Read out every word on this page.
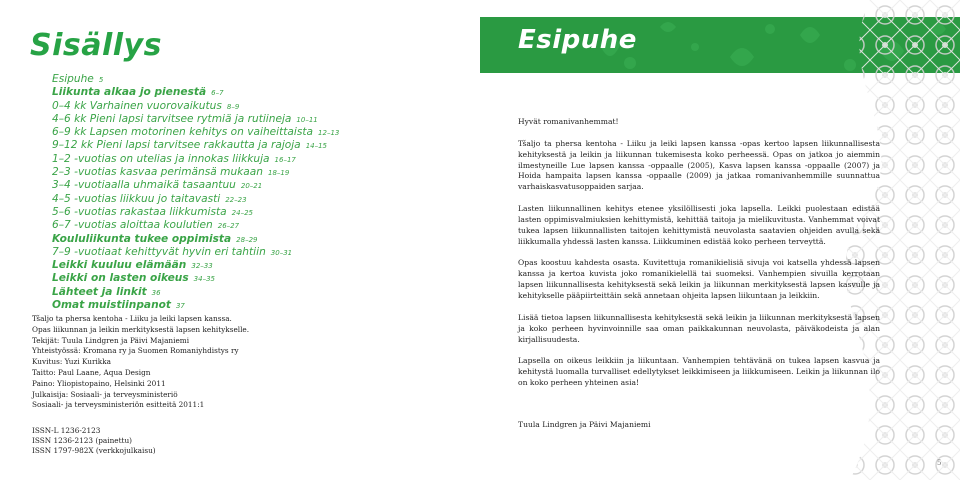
Sisällys
Esipuhe 5
Liikunta alkaa jo pienestä 6–7
0–4 kk Varhainen vuorovaikutus 8–9
4–6 kk Pieni lapsi tarvitsee rytmiä ja rutiineja 10–11
6–9 kk Lapsen motorinen kehitys on vaiheittaista 12–13
9–12 kk Pieni lapsi tarvitsee rakkautta ja rajoja 14–15
1–2 -vuotias on utelias ja innokas liikkuja 16–17
2–3 -vuotias kasvaa perimänsä mukaan 18–19
3–4 -vuotiaalla uhmaikä tasaantuu 20–21
4–5 -vuotias liikkuu jo taitavasti 22–23
5–6 -vuotias rakastaa liikkumista 24–25
6–7 -vuotias aloittaa koulutien 26–27
Koululiikunta tukee oppimista 28–29
7–9 -vuotiaat kehittyvät hyvin eri tahtiin 30–31
Leikki kuuluu elämään 32–33
Leikki on lasten oikeus 34–35
Lähteet ja linkit 36
Omat muistiinpanot 37

Tšaljo ta phersa kentoha - Liiku ja leiki lapsen kanssa.

Opas liikunnan ja leikin merkityksestä lapsen kehitykselle.

Tekijät: Tuula Lindgren ja Päivi Majaniemi

Yhteistyössä: Kromana ry ja Suomen Romaniyhdistys ry

Kuvitus: Yuzi Kurikka

Taitto: Paul Laane, Aqua Design

Paino: Yliopistopaino, Helsinki 2011

Julkaisija: Sosiaali- ja terveysministeriö

Sosiaali- ja terveysministeriön esitteitä 2011:1

ISSN-L 1236-2123

ISSN 1236-2123 (painettu)

ISSN 1797-982X (verkkojulkaisu)

Esipuhe

Hyvät romanivanhemmat!

Tšaljo ta phersa kentoha - Liiku ja leiki lapsen kanssa -opas kertoo lapsen liikunnallisesta kehityksestä ja leikin ja liikunnan tukemisesta koko perheessä. Opas on jatkoa jo aiemmin ilmestyneille Lue lapsen kanssa -oppaalle (2005), Kasva lapsen kanssa -oppaalle (2007) ja Hoida hampaita lapsen kanssa -oppaalle (2009) ja jatkaa romanivanhemmille suunnattua varhaiskasvatusoppaiden sarjaa.

Lasten liikunnallinen kehitys etenee yksilöllisesti joka lapsella. Leikki puolestaan edistää lasten oppimisvalmiuksien kehittymistä, kehittää taitoja ja mielikuvitusta. Vanhemmat voivat tukea lapsen liikunnallisten taitojen kehittymistä neuvolasta saatavien ohjeiden avulla sekä liikkumalla yhdessä lasten kanssa. Liikkuminen edistää koko perheen terveyttä.

Opas koostuu kahdesta osasta. Kuvitettuja romanikielisiä sivuja voi katsella yhdessä lapsen kanssa ja kertoa kuvista joko romanikielellä tai suomeksi. Vanhempien sivuilla kerrotaan lapsen liikunnallisesta kehityksestä sekä leikin ja liikunnan merkityksestä lapsen kasvulle ja kehitykselle pääpiirteittäin sekä annetaan ohjeita lapsen liikuntaan ja leikkiin.

Lisää tietoa lapsen liikunnallisesta kehityksestä sekä leikin ja liikunnan merkityksestä lapsen ja koko perheen hyvinvoinnille saa oman paikkakunnan neuvolasta, päiväkodeista ja alan kirjallisuudesta.

Lapsella on oikeus leikkiin ja liikuntaan. Vanhempien tehtävänä on tukea lapsen kasvua ja kehitystä luomalla turvalliset edellytykset leikkimiseen ja liikkumiseen. Leikin ja liikunnan ilo on koko perheen yhteinen asia!

Tuula Lindgren ja Päivi Majaniemi
5
